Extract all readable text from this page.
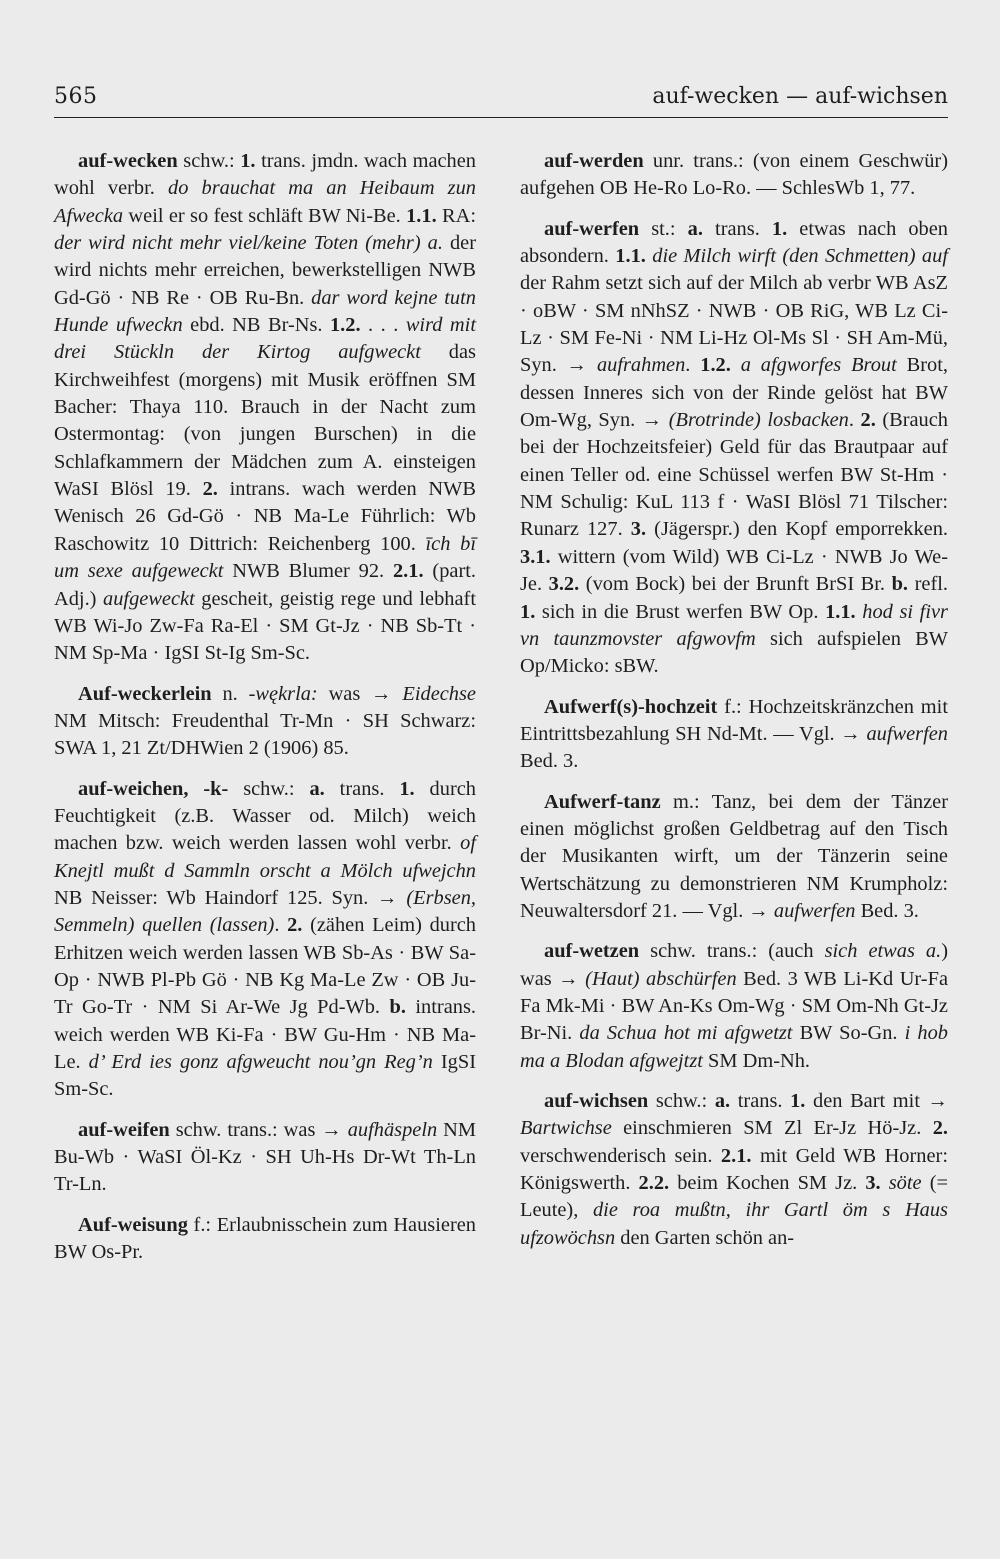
565	auf-wecken — auf-wichsen

auf-wecken schw.: 1. trans. jmdn. wach machen wohl verbr. do brauchat ma an Heibaum zun Afwecka weil er so fest schläft BW Ni-Be. 1.1. RA: der wird nicht mehr viel/keine Toten (mehr) a. der wird nichts mehr erreichen, bewerkstelligen NWB Gd-Gö · NB Re · OB Ru-Bn. dar word kejne tutn Hunde ufweckn ebd. NB Br-Ns. 1.2. . . . wird mit drei Stückln der Kirtog aufgweckt das Kirchweihfest (morgens) mit Musik eröffnen SM Bacher: Thaya 110. Brauch in der Nacht zum Ostermontag: (von jungen Burschen) in die Schlafkammern der Mädchen zum A. einsteigen WaSI Blösl 19. 2. intrans. wach werden NWB Wenisch 26 Gd-Gö · NB Ma-Le Führlich: Wb Raschowitz 10 Dittrich: Reichenberg 100. īch bī um sexe aufgeweckt NWB Blumer 92. 2.1. (part. Adj.) aufgeweckt gescheit, geistig rege und lebhaft WB Wi-Jo Zw-Fa Ra-El · SM Gt-Jz · NB Sb-Tt · NM Sp-Ma · IgSI St-Ig Sm-Sc.

Auf-weckerlein n. -wękrla: was → Eidechse NM Mitsch: Freudenthal Tr-Mn · SH Schwarz: SWA 1, 21 Zt/DHWien 2 (1906) 85.

auf-weichen, -k- schw.: a. trans. 1. durch Feuchtigkeit (z.B. Wasser od. Milch) weich machen bzw. weich werden lassen wohl verbr. of Knejtl mußt d Sammln orscht a Mölch ufwejchn NB Neisser: Wb Haindorf 125. Syn. → (Erbsen, Semmeln) quellen (lassen). 2. (zähen Leim) durch Erhitzen weich werden lassen WB Sb-As · BW Sa-Op · NWB Pl-Pb Gö · NB Kg Ma-Le Zw · OB Ju-Tr Go-Tr · NM Si Ar-We Jg Pd-Wb. b. intrans. weich werden WB Ki-Fa · BW Gu-Hm · NB Ma-Le. d’ Erd ies gonz afgweucht nou’gn Reg’n IgSI Sm-Sc.

auf-weifen schw. trans.: was → aufhäspeln NM Bu-Wb · WaSI Öl-Kz · SH Uh-Hs Dr-Wt Th-Ln Tr-Ln.

Auf-weisung f.: Erlaubnisschein zum Hausieren BW Os-Pr.

auf-werden unr. trans.: (von einem Geschwür) aufgehen OB He-Ro Lo-Ro. — SchlesWb 1, 77.

auf-werfen st.: a. trans. 1. etwas nach oben absondern. 1.1. die Milch wirft (den Schmetten) auf der Rahm setzt sich auf der Milch ab verbr WB AsZ · oBW · SM nNhSZ · NWB · OB RiG, WB Lz Ci-Lz · SM Fe-Ni · NM Li-Hz Ol-Ms Sl · SH Am-Mü, Syn. → aufrahmen. 1.2. a afgworfes Brout Brot, dessen Inneres sich von der Rinde gelöst hat BW Om-Wg, Syn. → (Brotrinde) losbacken. 2. (Brauch bei der Hochzeitsfeier) Geld für das Brautpaar auf einen Teller od. eine Schüssel werfen BW St-Hm · NM Schulig: KuL 113 f · WaSI Blösl 71 Tilscher: Runarz 127. 3. (Jägerspr.) den Kopf emporrekken. 3.1. wittern (vom Wild) WB Ci-Lz · NWB Jo We-Je. 3.2. (vom Bock) bei der Brunft BrSI Br. b. refl. 1. sich in die Brust werfen BW Op. 1.1. hod si fivr vn taunzmovster afgwovfm sich aufspielen BW Op/Micko: sBW.

Aufwerf(s)-hochzeit f.: Hochzeitskränzchen mit Eintrittsbezahlung SH Nd-Mt. — Vgl. → aufwerfen Bed. 3.

Aufwerf-tanz m.: Tanz, bei dem der Tänzer einen möglichst großen Geldbetrag auf den Tisch der Musikanten wirft, um der Tänzerin seine Wertschätzung zu demonstrieren NM Krumpholz: Neuwaltersdorf 21. — Vgl. → aufwerfen Bed. 3.

auf-wetzen schw. trans.: (auch sich etwas a.) was → (Haut) abschürfen Bed. 3 WB Li-Kd Ur-Fa Fa Mk-Mi · BW An-Ks Om-Wg · SM Om-Nh Gt-Jz Br-Ni. da Schua hot mi afgwetzt BW So-Gn. i hob ma a Blodan afgwejtzt SM Dm-Nh.

auf-wichsen schw.: a. trans. 1. den Bart mit → Bartwichse einschmieren SM Zl Er-Jz Hö-Jz. 2. verschwenderisch sein. 2.1. mit Geld WB Horner: Königswerth. 2.2. beim Kochen SM Jz. 3. söte (= Leute), die roa mußtn, ihr Gartl öm s Haus ufzowöchsn den Garten schön an-
